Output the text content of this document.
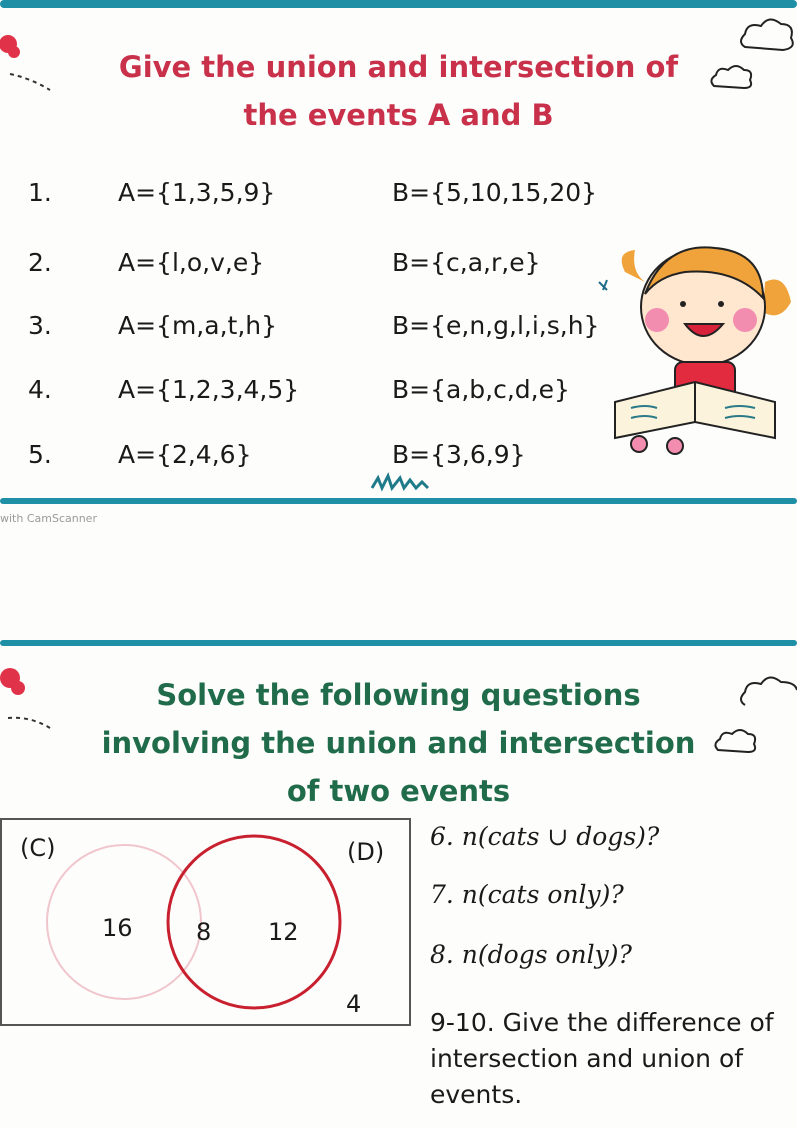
Give the union and intersection of
the events A and B
1.	A={1,3,5,9}	B={5,10,15,20}
2.	A={l,o,v,e}	B={c,a,r,e}
3.	A={m,a,t,h}	B={e,n,g,l,i,s,h}
4.	A={1,2,3,4,5}	B={a,b,c,d,e}
5.	A={2,4,6}	B={3,6,9}
with CamScanner
Solve the following questions
involving the union and intersection
of two events
(C)	(D)
16	8 12
4
6. n(cats ∪ dogs)?
7. n(cats only)?
8. n(dogs only)?
9-10. Give the difference of
intersection and union of
events.
